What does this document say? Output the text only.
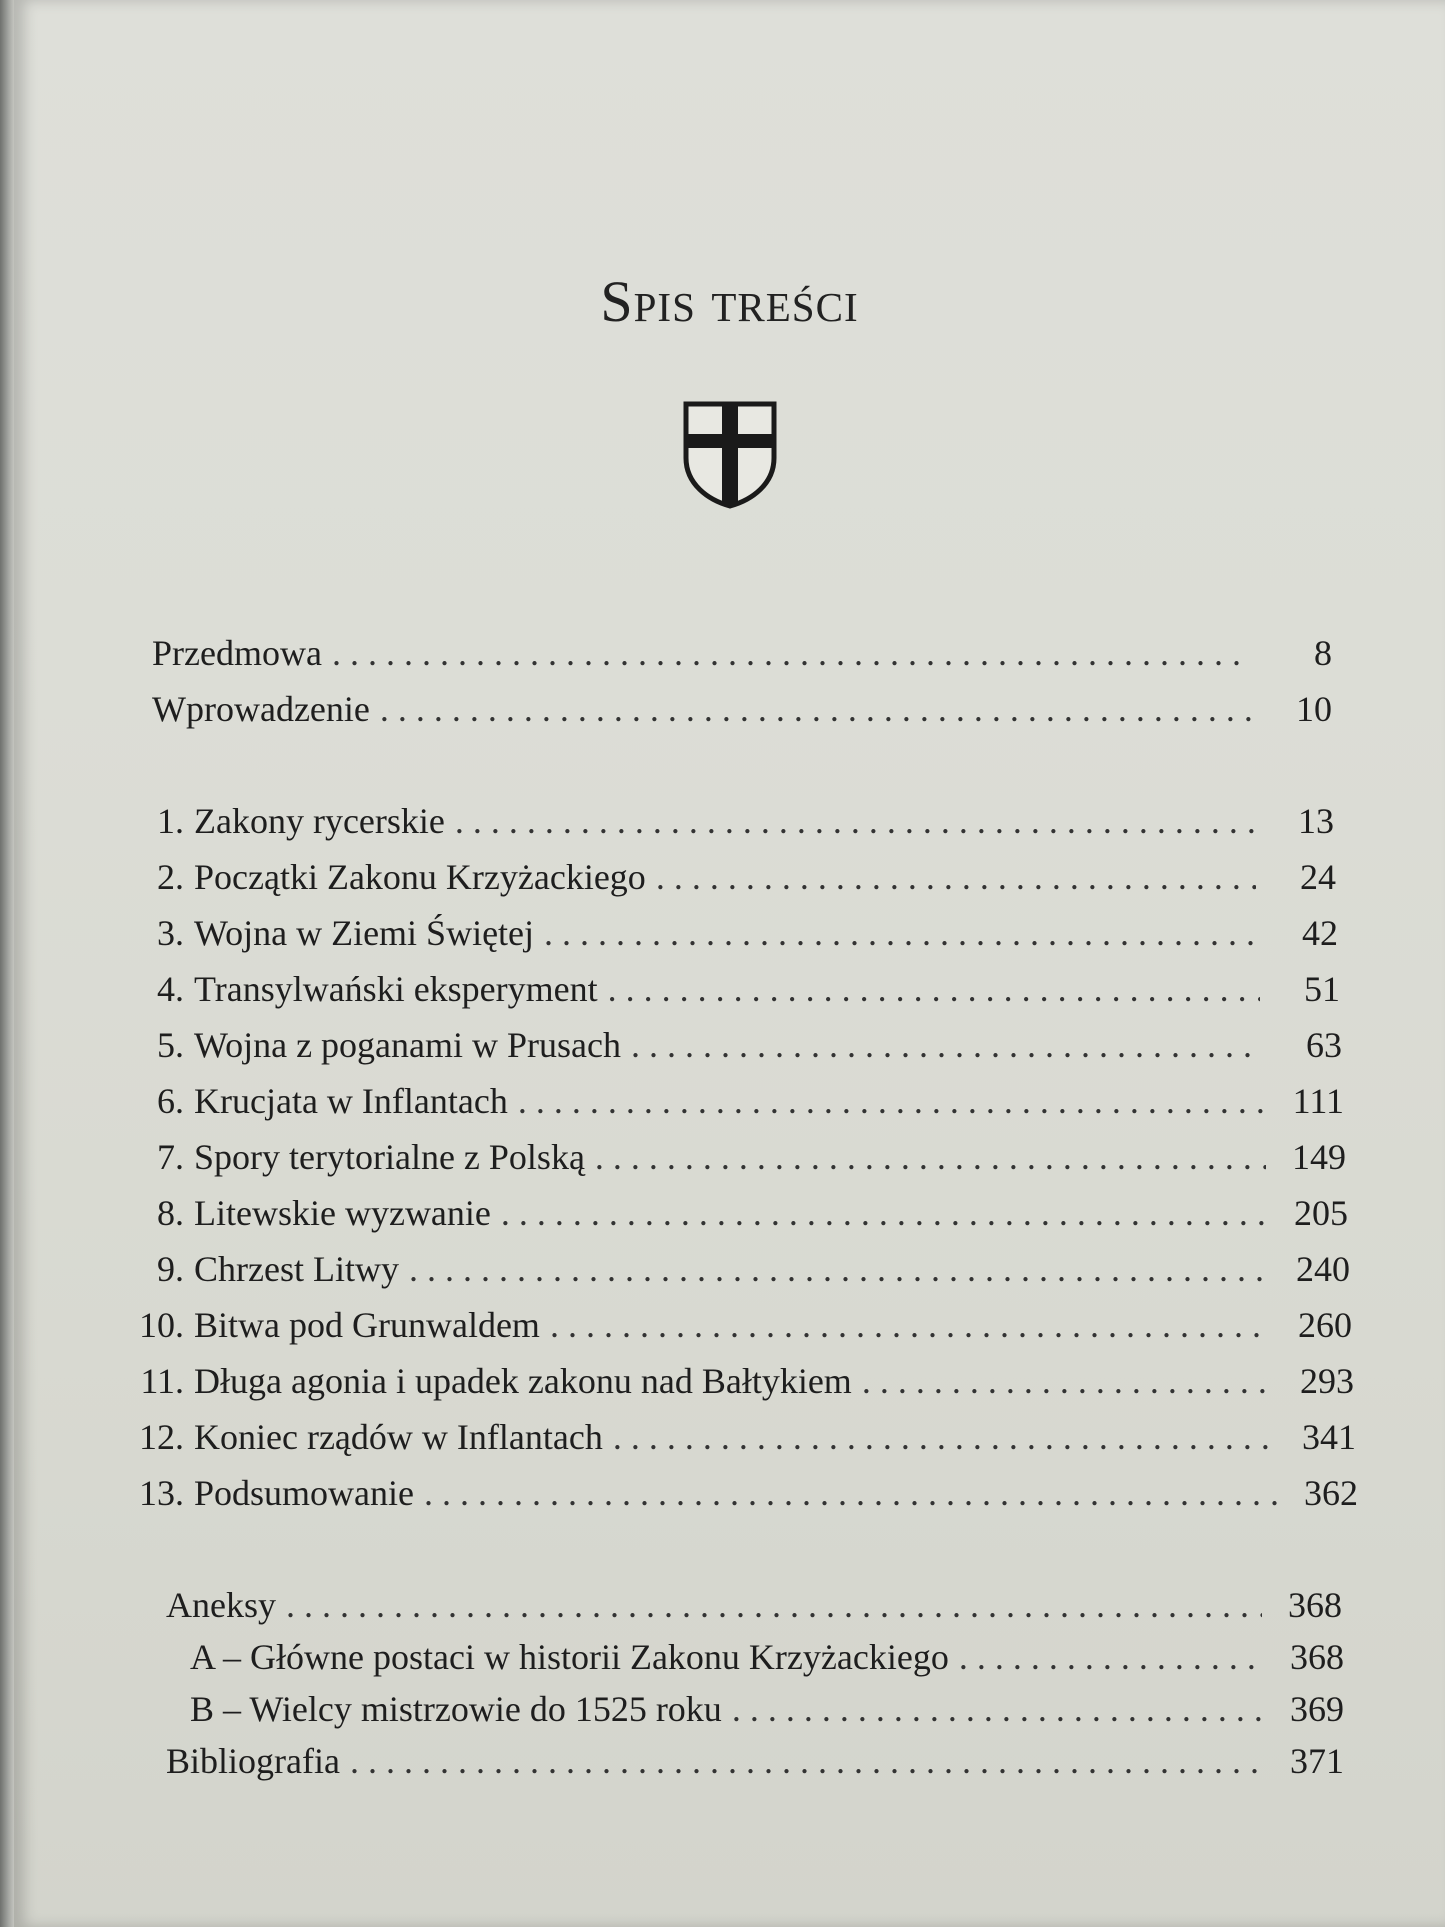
Spis treści
Przedmowa . . .	8
Wprowadzenie . . .	10
1. Zakony rycerskie . . .	13
2. Początki Zakonu Krzyżackiego . . .	24
3. Wojna w Ziemi Świętej . . .	42
4. Transylwański eksperyment . . .	51
5. Wojna z poganami w Prusach . . .	63
6. Krucjata w Inflantach . . .	111
7. Spory terytorialne z Polską . . .	149
8. Litewskie wyzwanie . . .	205
9. Chrzest Litwy . . .	240
10. Bitwa pod Grunwaldem . . .	260
11. Długa agonia i upadek zakonu nad Bałtykiem . . .	293
12. Koniec rządów w Inflantach . . .	341
13. Podsumowanie . . .	362
Aneksy . . .	368
A – Główne postaci w historii Zakonu Krzyżackiego . . .	368
B – Wielcy mistrzowie do 1525 roku . . .	369
Bibliografia . . .	371
